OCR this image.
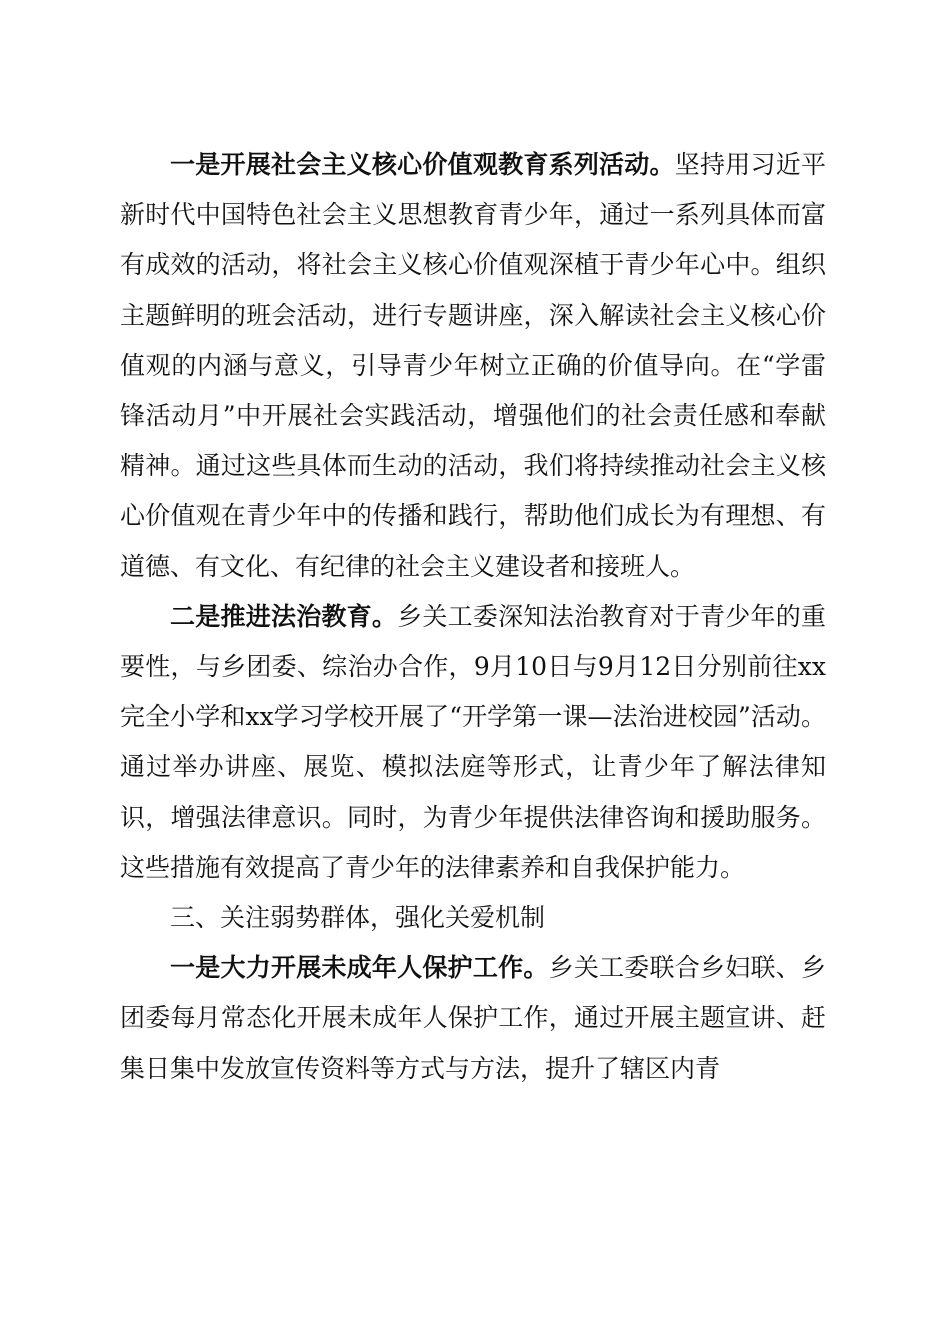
一是开展社会主义核心价值观教育系列活动。坚持用习近平新时代中国特色社会主义思想教育青少年，通过一系列具体而富有成效的活动，将社会主义核心价值观深植于青少年心中。组织主题鲜明的班会活动，进行专题讲座，深入解读社会主义核心价值观的内涵与意义，引导青少年树立正确的价值导向。在“学雷锋活动月”中开展社会实践活动，增强他们的社会责任感和奉献精神。通过这些具体而生动的活动，我们将持续推动社会主义核心价值观在青少年中的传播和践行，帮助他们成长为有理想、有道德、有文化、有纪律的社会主义建设者和接班人。

二是推进法治教育。乡关工委深知法治教育对于青少年的重要性，与乡团委、综治办合作，9月10日与9月12日分别前往xx完全小学和xx学习学校开展了“开学第一课—法治进校园”活动。通过举办讲座、展览、模拟法庭等形式，让青少年了解法律知识，增强法律意识。同时，为青少年提供法律咨询和援助服务。这些措施有效提高了青少年的法律素养和自我保护能力。

三、关注弱势群体，强化关爱机制

一是大力开展未成年人保护工作。乡关工委联合乡妇联、乡团委每月常态化开展未成年人保护工作，通过开展主题宣讲、赶集日集中发放宣传资料等方式与方法，提升了辖区内青
